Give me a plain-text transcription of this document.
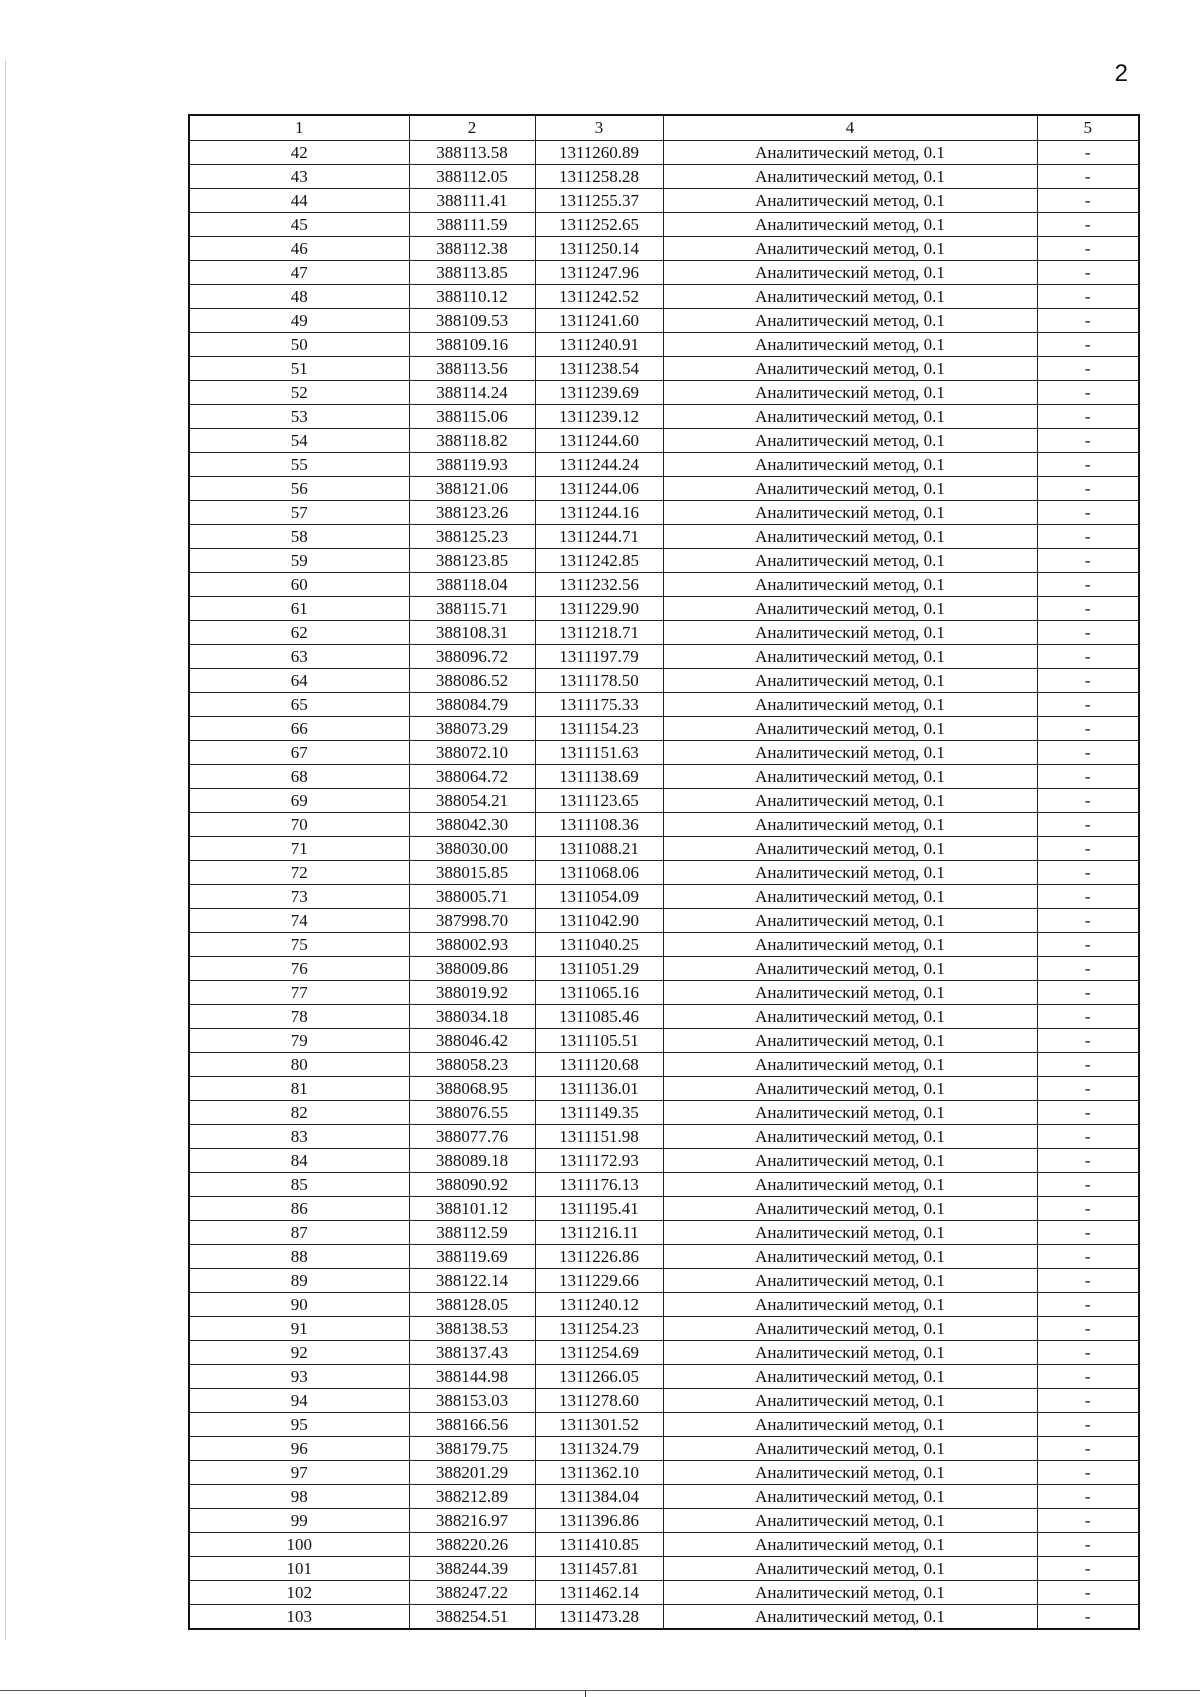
2
1	2	3	4	5
42	388113.58	1311260.89	Аналитический метод, 0.1	-
43	388112.05	1311258.28	Аналитический метод, 0.1	-
44	388111.41	1311255.37	Аналитический метод, 0.1	-
45	388111.59	1311252.65	Аналитический метод, 0.1	-
46	388112.38	1311250.14	Аналитический метод, 0.1	-
47	388113.85	1311247.96	Аналитический метод, 0.1	-
48	388110.12	1311242.52	Аналитический метод, 0.1	-
49	388109.53	1311241.60	Аналитический метод, 0.1	-
50	388109.16	1311240.91	Аналитический метод, 0.1	-
51	388113.56	1311238.54	Аналитический метод, 0.1	-
52	388114.24	1311239.69	Аналитический метод, 0.1	-
53	388115.06	1311239.12	Аналитический метод, 0.1	-
54	388118.82	1311244.60	Аналитический метод, 0.1	-
55	388119.93	1311244.24	Аналитический метод, 0.1	-
56	388121.06	1311244.06	Аналитический метод, 0.1	-
57	388123.26	1311244.16	Аналитический метод, 0.1	-
58	388125.23	1311244.71	Аналитический метод, 0.1	-
59	388123.85	1311242.85	Аналитический метод, 0.1	-
60	388118.04	1311232.56	Аналитический метод, 0.1	-
61	388115.71	1311229.90	Аналитический метод, 0.1	-
62	388108.31	1311218.71	Аналитический метод, 0.1	-
63	388096.72	1311197.79	Аналитический метод, 0.1	-
64	388086.52	1311178.50	Аналитический метод, 0.1	-
65	388084.79	1311175.33	Аналитический метод, 0.1	-
66	388073.29	1311154.23	Аналитический метод, 0.1	-
67	388072.10	1311151.63	Аналитический метод, 0.1	-
68	388064.72	1311138.69	Аналитический метод, 0.1	-
69	388054.21	1311123.65	Аналитический метод, 0.1	-
70	388042.30	1311108.36	Аналитический метод, 0.1	-
71	388030.00	1311088.21	Аналитический метод, 0.1	-
72	388015.85	1311068.06	Аналитический метод, 0.1	-
73	388005.71	1311054.09	Аналитический метод, 0.1	-
74	387998.70	1311042.90	Аналитический метод, 0.1	-
75	388002.93	1311040.25	Аналитический метод, 0.1	-
76	388009.86	1311051.29	Аналитический метод, 0.1	-
77	388019.92	1311065.16	Аналитический метод, 0.1	-
78	388034.18	1311085.46	Аналитический метод, 0.1	-
79	388046.42	1311105.51	Аналитический метод, 0.1	-
80	388058.23	1311120.68	Аналитический метод, 0.1	-
81	388068.95	1311136.01	Аналитический метод, 0.1	-
82	388076.55	1311149.35	Аналитический метод, 0.1	-
83	388077.76	1311151.98	Аналитический метод, 0.1	-
84	388089.18	1311172.93	Аналитический метод, 0.1	-
85	388090.92	1311176.13	Аналитический метод, 0.1	-
86	388101.12	1311195.41	Аналитический метод, 0.1	-
87	388112.59	1311216.11	Аналитический метод, 0.1	-
88	388119.69	1311226.86	Аналитический метод, 0.1	-
89	388122.14	1311229.66	Аналитический метод, 0.1	-
90	388128.05	1311240.12	Аналитический метод, 0.1	-
91	388138.53	1311254.23	Аналитический метод, 0.1	-
92	388137.43	1311254.69	Аналитический метод, 0.1	-
93	388144.98	1311266.05	Аналитический метод, 0.1	-
94	388153.03	1311278.60	Аналитический метод, 0.1	-
95	388166.56	1311301.52	Аналитический метод, 0.1	-
96	388179.75	1311324.79	Аналитический метод, 0.1	-
97	388201.29	1311362.10	Аналитический метод, 0.1	-
98	388212.89	1311384.04	Аналитический метод, 0.1	-
99	388216.97	1311396.86	Аналитический метод, 0.1	-
100	388220.26	1311410.85	Аналитический метод, 0.1	-
101	388244.39	1311457.81	Аналитический метод, 0.1	-
102	388247.22	1311462.14	Аналитический метод, 0.1	-
103	388254.51	1311473.28	Аналитический метод, 0.1	-
